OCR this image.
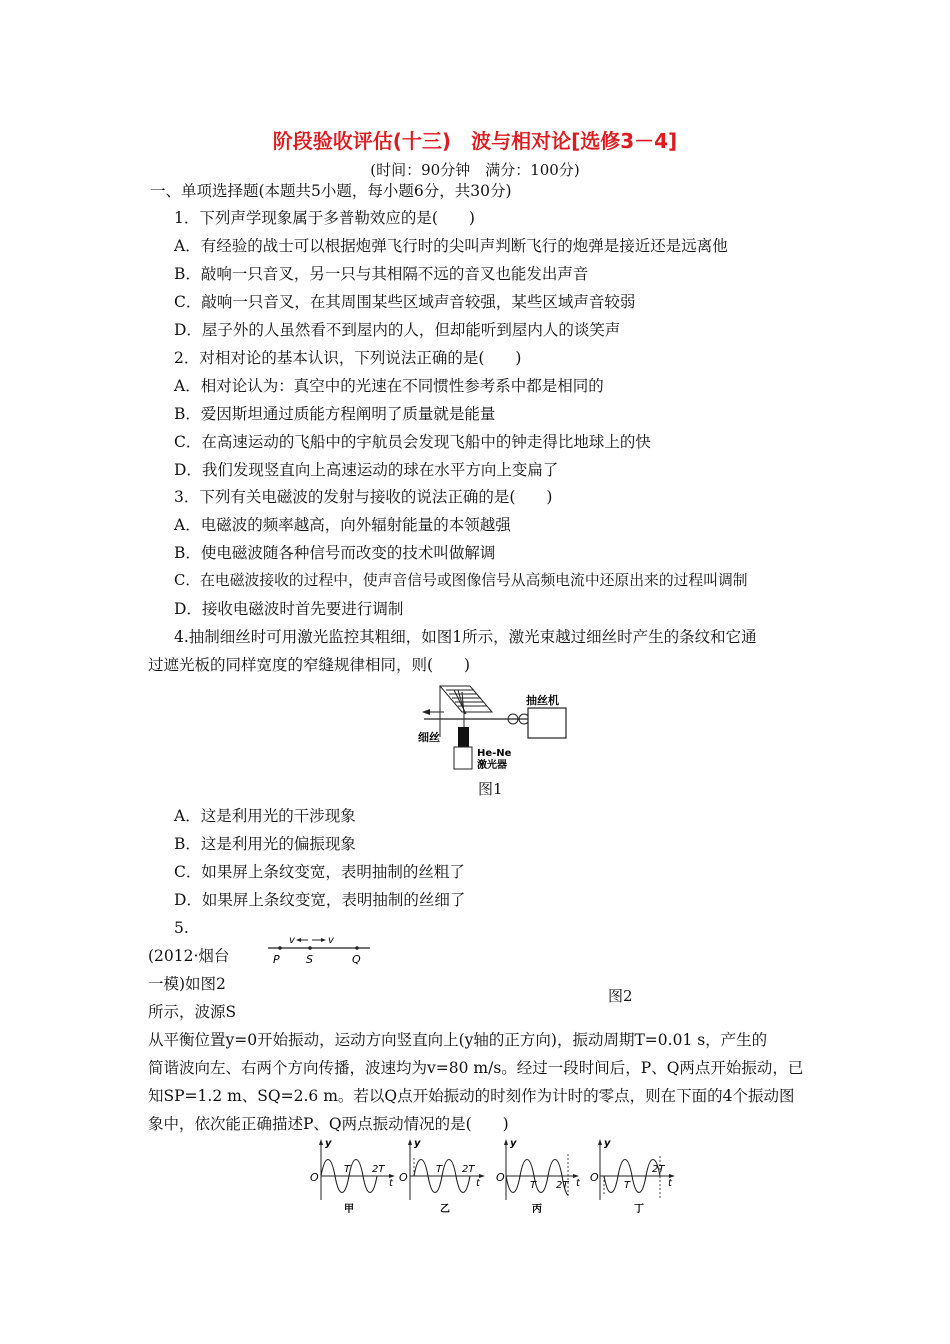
阶段验收评估(十三)　波与相对论[选修3－4]
(时间：90分钟　满分：100分)
一、单项选择题(本题共5小题，每小题6分，共30分)
1．下列声学现象属于多普勒效应的是(　　)
A．有经验的战士可以根据炮弹飞行时的尖叫声判断飞行的炮弹是接近还是远离他
B．敲响一只音叉，另一只与其相隔不远的音叉也能发出声音
C．敲响一只音叉，在其周围某些区域声音较强，某些区域声音较弱
D．屋子外的人虽然看不到屋内的人，但却能听到屋内人的谈笑声
2．对相对论的基本认识，下列说法正确的是(　　)
A．相对论认为：真空中的光速在不同惯性参考系中都是相同的
B．爱因斯坦通过质能方程阐明了质量就是能量
C．在高速运动的飞船中的宇航员会发现飞船中的钟走得比地球上的快
D．我们发现竖直向上高速运动的球在水平方向上变扁了
3．下列有关电磁波的发射与接收的说法正确的是(　　)
A．电磁波的频率越高，向外辐射能量的本领越强
B．使电磁波随各种信号而改变的技术叫做解调
C．在电磁波接收的过程中，使声音信号或图像信号从高频电流中还原出来的过程叫调制
D．接收电磁波时首先要进行调制
4.抽制细丝时可用激光监控其粗细，如图1所示，激光束越过细丝时产生的条纹和它通
过遮光板的同样宽度的窄缝规律相同，则(　　)
抽丝机
细丝
He-Ne
激光器
图1
A．这是利用光的干涉现象
B．这是利用光的偏振现象
C．如果屏上条纹变宽，表明抽制的丝粗了
D．如果屏上条纹变宽，表明抽制的丝细了
5.
(2012·烟台
一模)如图2
所示，波源S
v	v
P S	Q
图2
从平衡位置y=0开始振动，运动方向竖直向上(y轴的正方向)，振动周期T=0.01 s，产生的
简谐波向左、右两个方向传播，波速均为v=80 m/s。经过一段时间后，P、Q两点开始振动，已
知SP=1.2 m、SQ=2.6 m。若以Q点开始振动的时刻作为计时的零点，则在下面的4个振动图
象中，依次能正确描述P、Q两点振动情况的是(　　)
y
O
T 2T
t
甲
y
O
T 2T
t
乙
y
O
T 2T t
丙
y
O
T
2T
t
丁
